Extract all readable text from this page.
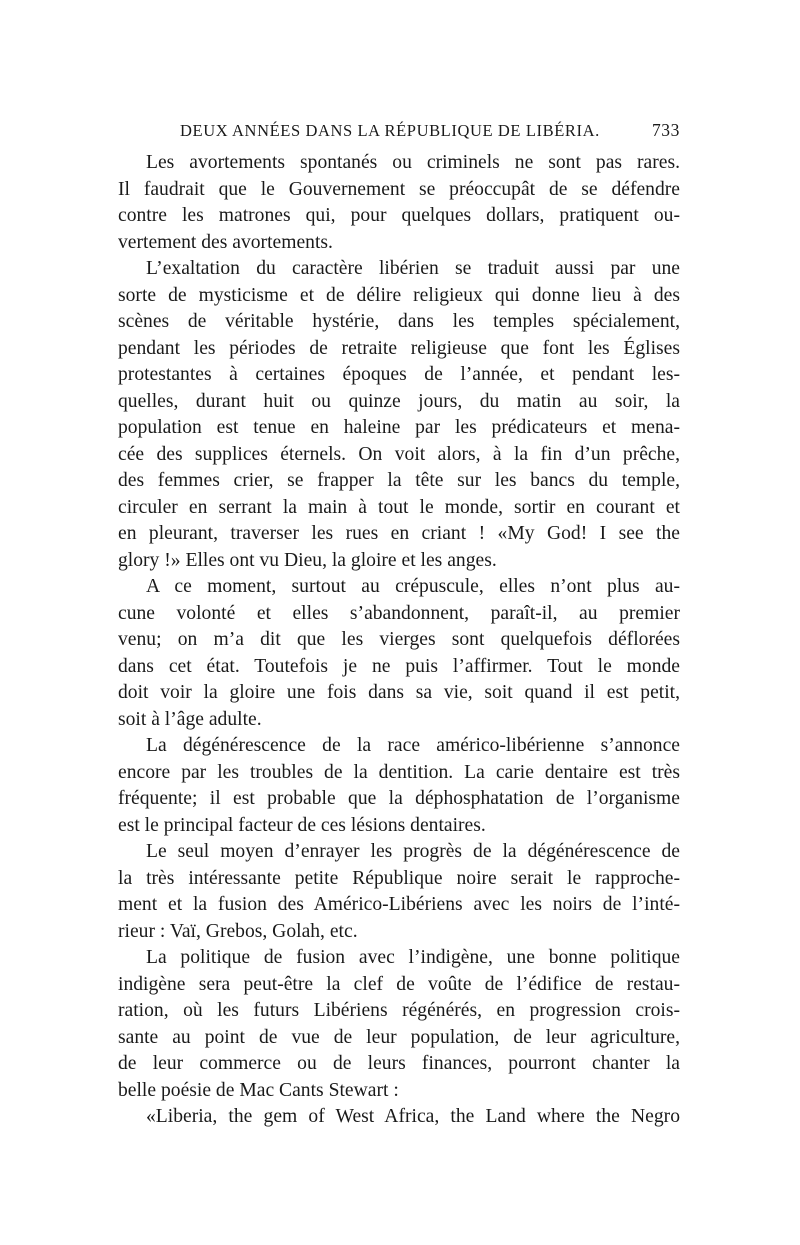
DEUX ANNÉES DANS LA RÉPUBLIQUE DE LIBÉRIA.	733
Les avortements spontanés ou criminels ne sont pas rares.
Il faudrait que le Gouvernement se préoccupât de se défendre
contre les matrones qui, pour quelques dollars, pratiquent ou-
vertement des avortements.
L’exaltation du caractère libérien se traduit aussi par une
sorte de mysticisme et de délire religieux qui donne lieu à des
scènes de véritable hystérie, dans les temples spécialement,
pendant les périodes de retraite religieuse que font les Églises
protestantes à certaines époques de l’année, et pendant les-
quelles, durant huit ou quinze jours, du matin au soir, la
population est tenue en haleine par les prédicateurs et mena-
cée des supplices éternels. On voit alors, à la fin d’un prêche,
des femmes crier, se frapper la tête sur les bancs du temple,
circuler en serrant la main à tout le monde, sortir en courant et
en pleurant, traverser les rues en criant ! «My God! I see the
glory !» Elles ont vu Dieu, la gloire et les anges.
A ce moment, surtout au crépuscule, elles n’ont plus au-
cune volonté et elles s’abandonnent, paraît-il, au premier
venu; on m’a dit que les vierges sont quelquefois déflorées
dans cet état. Toutefois je ne puis l’affirmer. Tout le monde
doit voir la gloire une fois dans sa vie, soit quand il est petit,
soit à l’âge adulte.
La dégénérescence de la race américo-libérienne s’annonce
encore par les troubles de la dentition. La carie dentaire est très
fréquente; il est probable que la déphosphatation de l’organisme
est le principal facteur de ces lésions dentaires.
Le seul moyen d’enrayer les progrès de la dégénérescence de
la très intéressante petite République noire serait le rapproche-
ment et la fusion des Américo-Libériens avec les noirs de l’inté-
rieur : Vaï, Grebos, Golah, etc.
La politique de fusion avec l’indigène, une bonne politique
indigène sera peut-être la clef de voûte de l’édifice de restau-
ration, où les futurs Libériens régénérés, en progression crois-
sante au point de vue de leur population, de leur agriculture,
de leur commerce ou de leurs finances, pourront chanter la
belle poésie de Mac Cants Stewart :
«Liberia, the gem of West Africa, the Land where the Negro
